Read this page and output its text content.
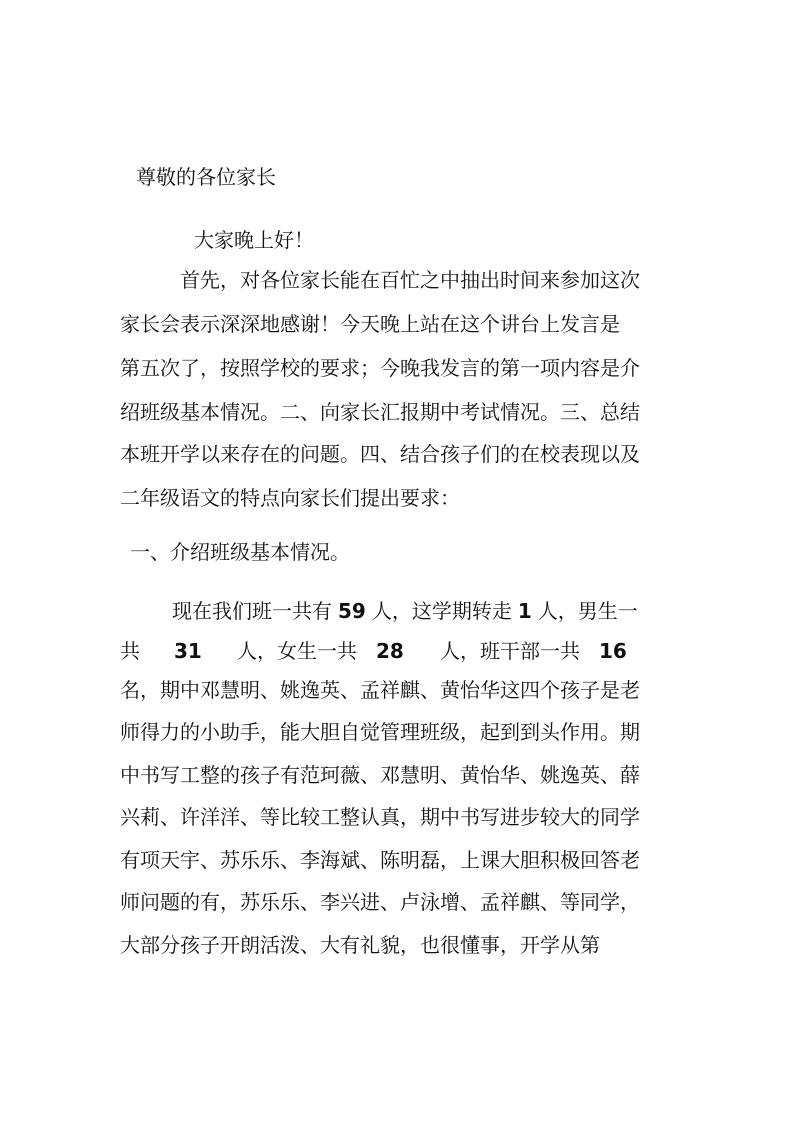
尊敬的各位家长
大家晚上好！
首先，对各位家长能在百忙之中抽出时间来参加这次
家长会表示深深地感谢！今天晚上站在这个讲台上发言是
第五次了，按照学校的要求；今晚我发言的第一项内容是介
绍班级基本情况。二、向家长汇报期中考试情况。三、总结
本班开学以来存在的问题。四、结合孩子们的在校表现以及
二年级语文的特点向家长们提出要求：
一、介绍班级基本情况。
现在我们班一共有 59 人，这学期转走 1 人，男生一
共 31 人，女生一共 28 人，班干部一共 16
名，期中邓慧明、姚逸英、孟祥麒、黄怡华这四个孩子是老
师得力的小助手，能大胆自觉管理班级，起到到头作用。期
中书写工整的孩子有范珂薇、邓慧明、黄怡华、姚逸英、薛
兴莉、许洋洋、等比较工整认真，期中书写进步较大的同学
有项天宇、苏乐乐、李海斌、陈明磊，上课大胆积极回答老
师问题的有，苏乐乐、李兴进、卢泳增、孟祥麒、等同学，
大部分孩子开朗活泼、大有礼貌，也很懂事，开学从第
